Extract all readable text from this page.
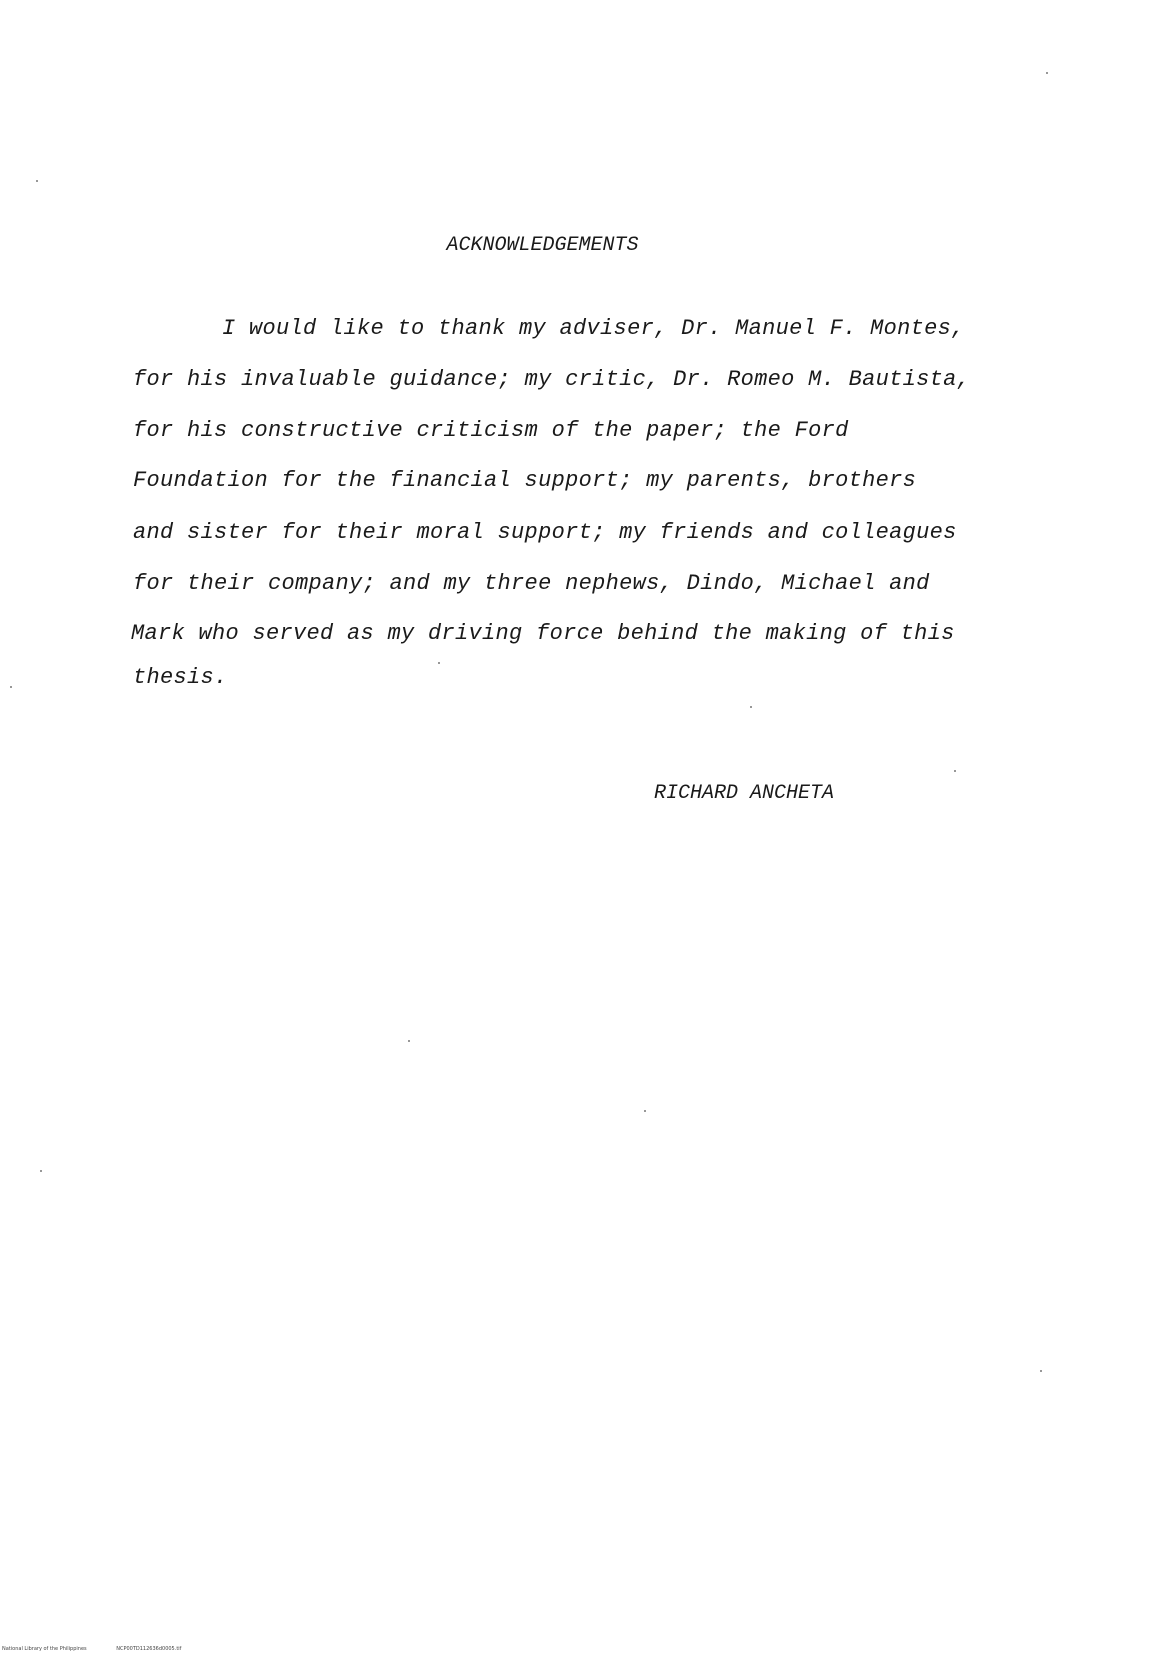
ACKNOWLEDGEMENTS
I would like to thank my adviser, Dr. Manuel F. Montes,
for his invaluable guidance; my critic, Dr. Romeo M. Bautista,
for his constructive criticism of the paper; the Ford
Foundation for the financial support; my parents, brothers
and sister for their moral support; my friends and colleagues
for their company; and my three nephews, Dindo, Michael and
Mark who served as my driving force behind the making of this
thesis.
RICHARD ANCHETA
National Library of the Philippines	NCP00TD112636d0005.tif
